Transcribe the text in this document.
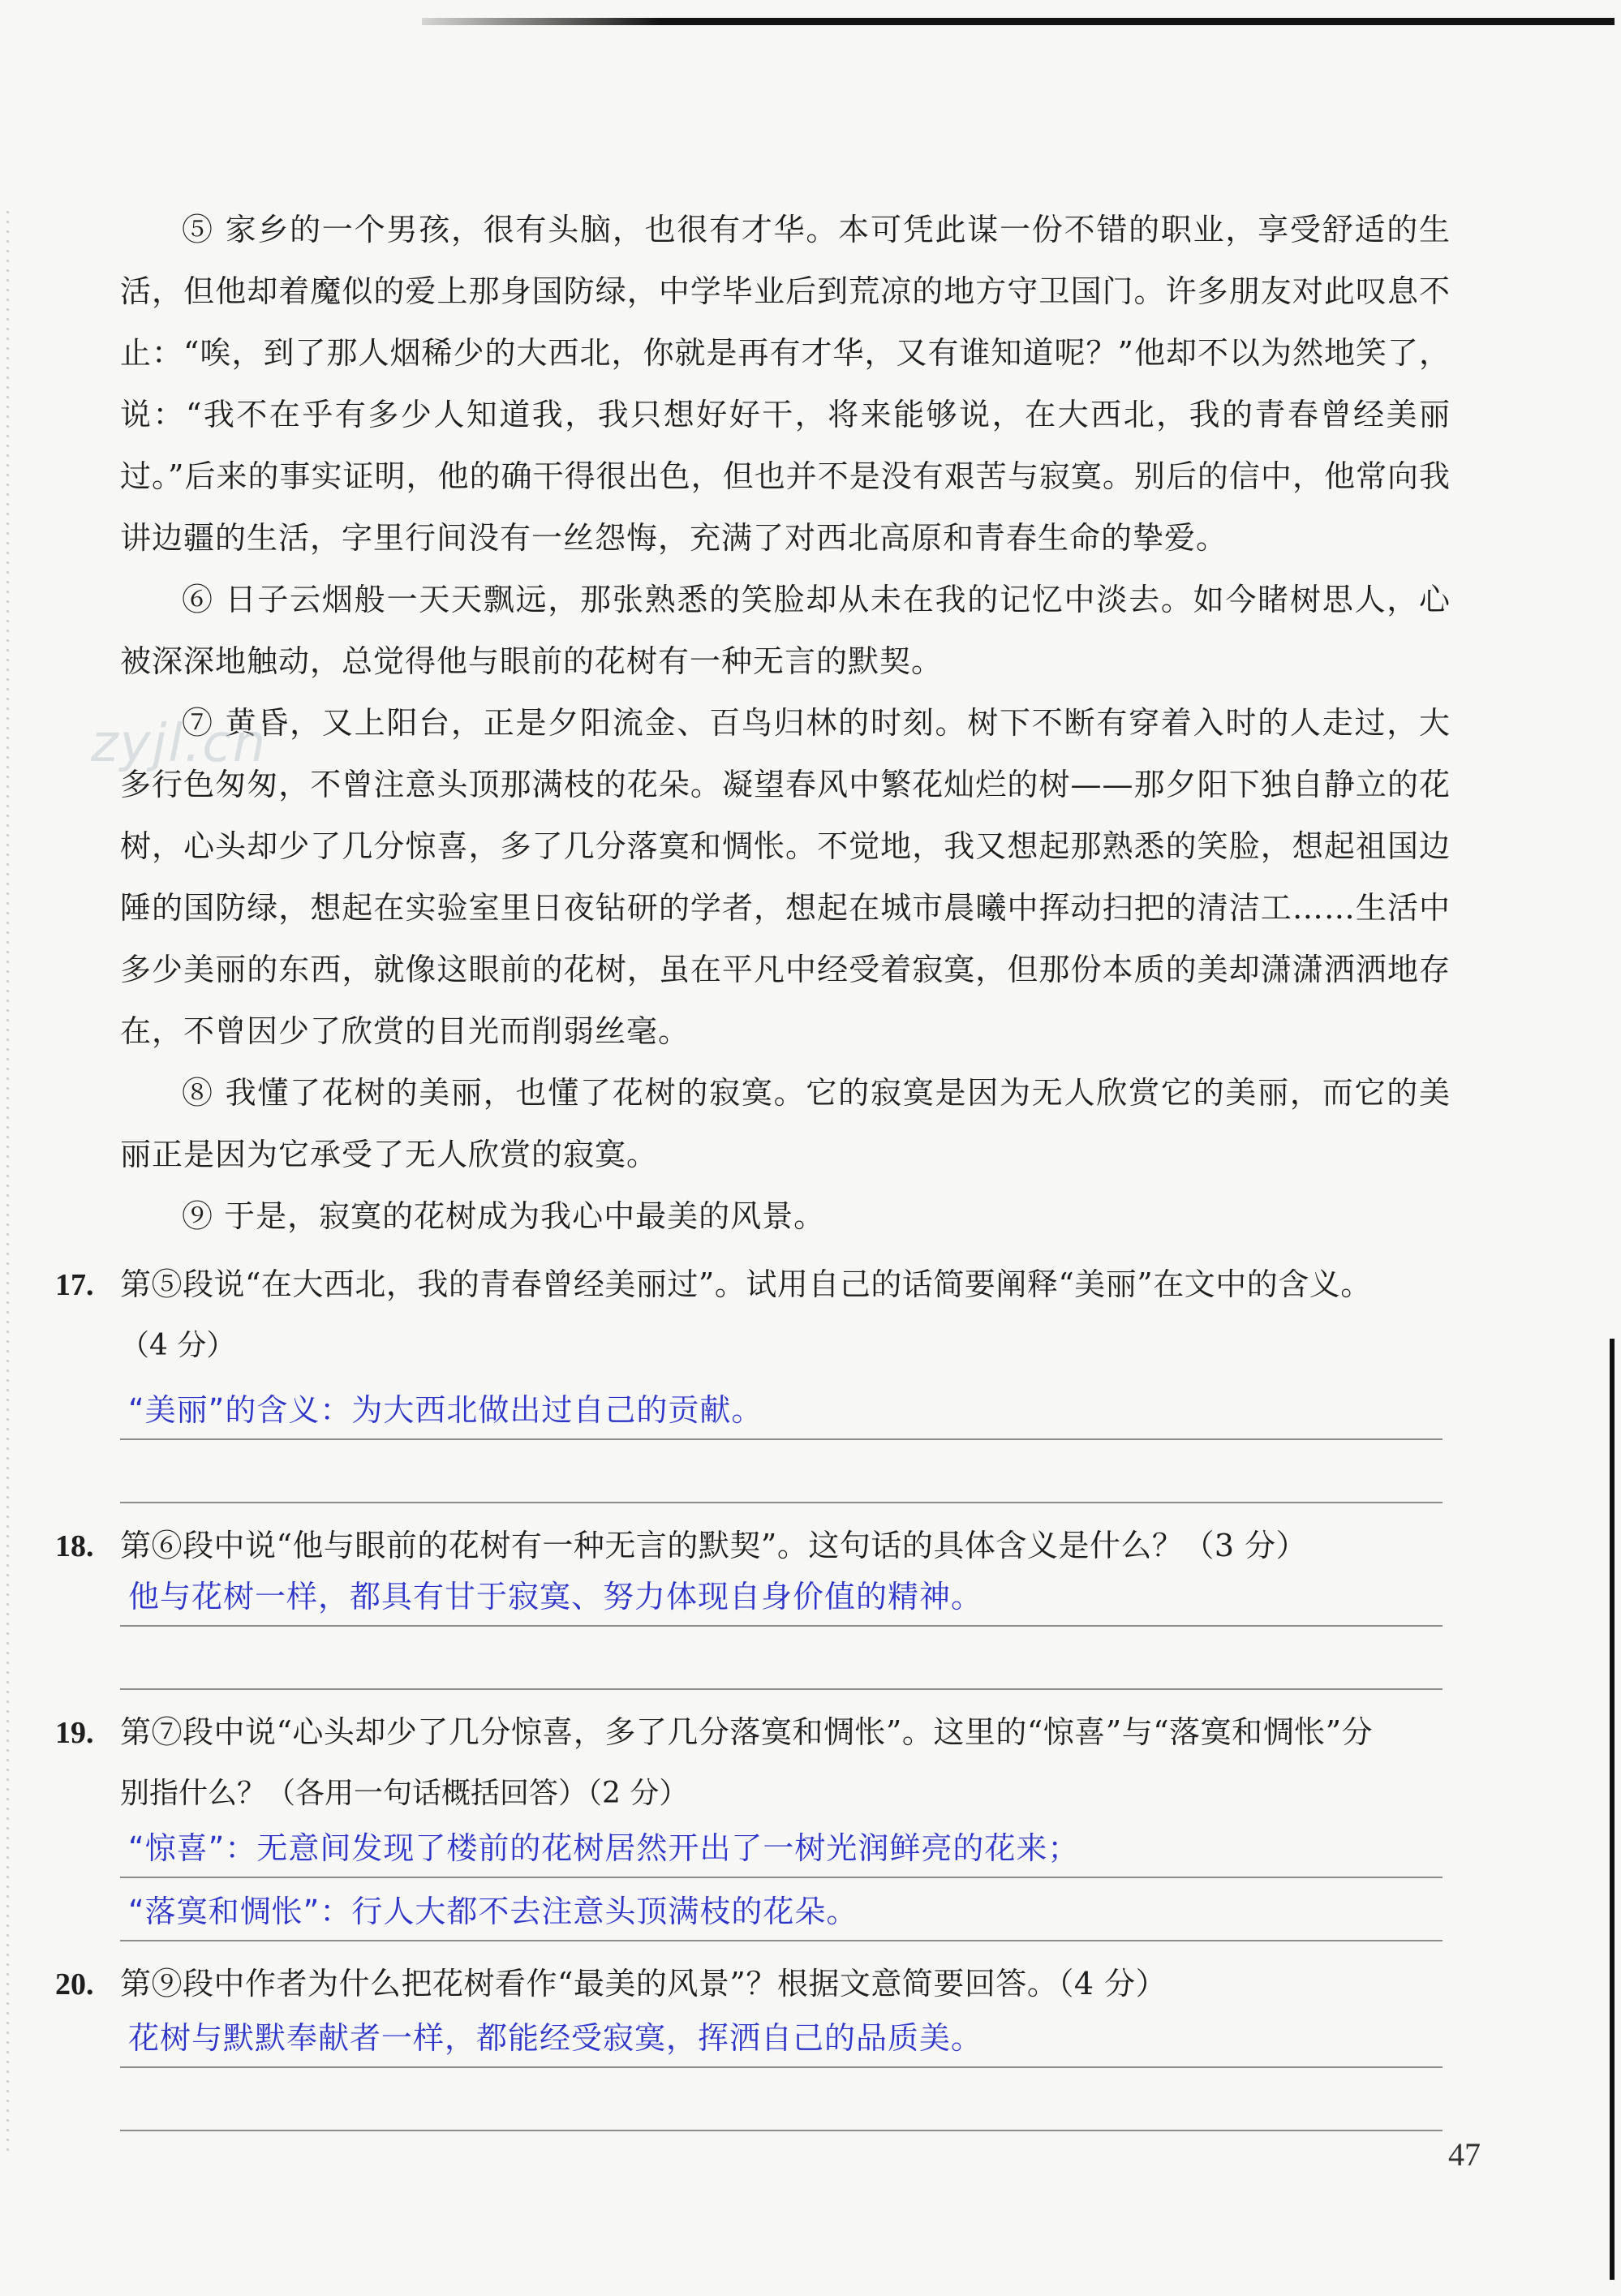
⑤ 家乡的一个男孩，很有头脑，也很有才华。本可凭此谋一份不错的职业，享受舒适的生活，但他却着魔似的爱上那身国防绿，中学毕业后到荒凉的地方守卫国门。许多朋友对此叹息不止：“唉，到了那人烟稀少的大西北，你就是再有才华，又有谁知道呢？”他却不以为然地笑了，说：“我不在乎有多少人知道我，我只想好好干，将来能够说，在大西北，我的青春曾经美丽过。”后来的事实证明，他的确干得很出色，但也并不是没有艰苦与寂寞。别后的信中，他常向我讲边疆的生活，字里行间没有一丝怨悔，充满了对西北高原和青春生命的挚爱。

⑥ 日子云烟般一天天飘远，那张熟悉的笑脸却从未在我的记忆中淡去。如今睹树思人，心被深深地触动，总觉得他与眼前的花树有一种无言的默契。

⑦ 黄昏，又上阳台，正是夕阳流金、百鸟归林的时刻。树下不断有穿着入时的人走过，大多行色匆匆，不曾注意头顶那满枝的花朵。凝望春风中繁花灿烂的树——那夕阳下独自静立的花树，心头却少了几分惊喜，多了几分落寞和惆怅。不觉地，我又想起那熟悉的笑脸，想起祖国边陲的国防绿，想起在实验室里日夜钻研的学者，想起在城市晨曦中挥动扫把的清洁工……生活中多少美丽的东西，就像这眼前的花树，虽在平凡中经受着寂寞，但那份本质的美却潇潇洒洒地存在，不曾因少了欣赏的目光而削弱丝毫。

⑧ 我懂了花树的美丽，也懂了花树的寂寞。它的寂寞是因为无人欣赏它的美丽，而它的美丽正是因为它承受了无人欣赏的寂寞。

⑨ 于是，寂寞的花树成为我心中最美的风景。

zyjl.cn
17. 第⑤段说“在大西北，我的青春曾经美丽过”。试用自己的话简要阐释“美丽”在文中的含义。
（4 分）
“美丽”的含义：为大西北做出过自己的贡献。
18. 第⑥段中说“他与眼前的花树有一种无言的默契”。这句话的具体含义是什么？（3 分）
他与花树一样，都具有甘于寂寞、努力体现自身价值的精神。
19. 第⑦段中说“心头却少了几分惊喜，多了几分落寞和惆怅”。这里的“惊喜”与“落寞和惆怅”分
别指什么？（各用一句话概括回答）（2 分）
“惊喜”：无意间发现了楼前的花树居然开出了一树光润鲜亮的花来；
“落寞和惆怅”：行人大都不去注意头顶满枝的花朵。
20. 第⑨段中作者为什么把花树看作“最美的风景”？根据文意简要回答。（4 分）
花树与默默奉献者一样，都能经受寂寞，挥洒自己的品质美。
47
